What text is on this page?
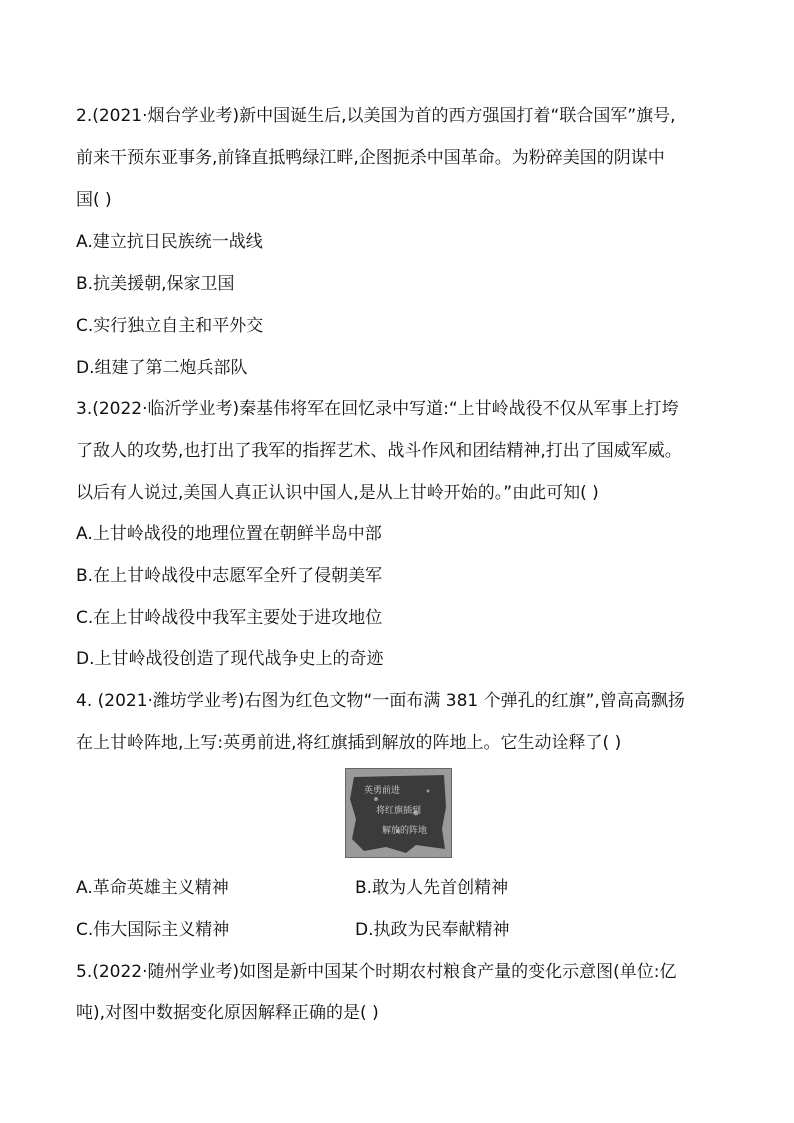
2.(2021·烟台学业考)新中国诞生后,以美国为首的西方强国打着“联合国军”旗号,
前来干预东亚事务,前锋直抵鸭绿江畔,企图扼杀中国革命。为粉碎美国的阴谋中
国( )
A.建立抗日民族统一战线
B.抗美援朝,保家卫国
C.实行独立自主和平外交
D.组建了第二炮兵部队
3.(2022·临沂学业考)秦基伟将军在回忆录中写道:“上甘岭战役不仅从军事上打垮
了敌人的攻势,也打出了我军的指挥艺术、战斗作风和团结精神,打出了国威军威。
以后有人说过,美国人真正认识中国人,是从上甘岭开始的。”由此可知( )
A.上甘岭战役的地理位置在朝鲜半岛中部
B.在上甘岭战役中志愿军全歼了侵朝美军
C.在上甘岭战役中我军主要处于进攻地位
D.上甘岭战役创造了现代战争史上的奇迹
4. (2021·潍坊学业考)右图为红色文物“一面布满 381 个弹孔的红旗”,曾高高飘扬
在上甘岭阵地,上写:英勇前进,将红旗插到解放的阵地上。它生动诠释了( )
英勇前进
将红旗插到
解放的阵地
A.革命英雄主义精神	B.敢为人先首创精神
C.伟大国际主义精神	D.执政为民奉献精神
5.(2022·随州学业考)如图是新中国某个时期农村粮食产量的变化示意图(单位:亿
吨),对图中数据变化原因解释正确的是( )
